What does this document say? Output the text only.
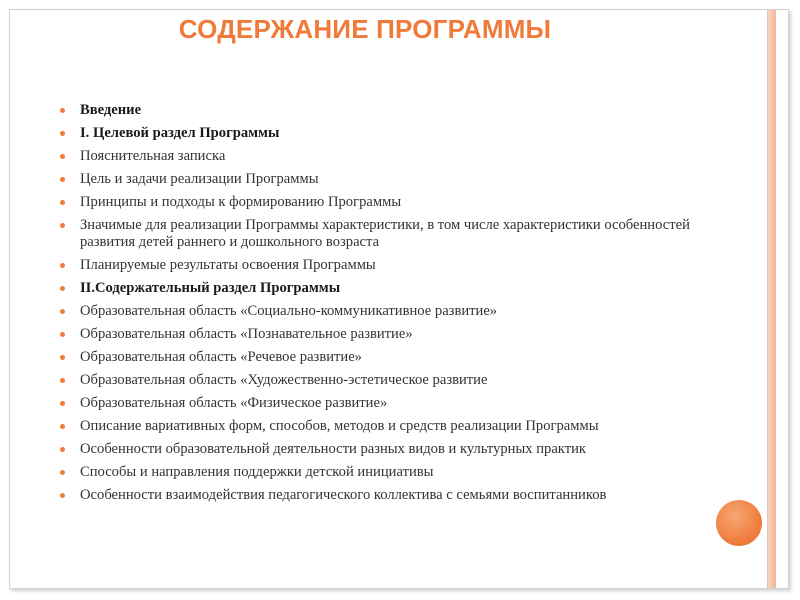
СОДЕРЖАНИЕ ПРОГРАММЫ
Введение
I. Целевой раздел Программы
Пояснительная записка
Цель и задачи реализации Программы
Принципы и подходы к формированию Программы
Значимые для реализации Программы характеристики, в том числе характеристики особенностей развития детей раннего и дошкольного возраста
Планируемые результаты освоения Программы
II.Содержательный раздел Программы
Образовательная область «Социально-коммуникативное развитие»
Образовательная область «Познавательное развитие»
Образовательная область «Речевое развитие»
Образовательная область «Художественно-эстетическое развитие
Образовательная область «Физическое развитие»
Описание вариативных форм, способов, методов и средств реализации Программы
Особенности образовательной деятельности разных видов и культурных практик
Способы и направления поддержки детской инициативы
Особенности взаимодействия педагогического коллектива с семьями воспитанников
